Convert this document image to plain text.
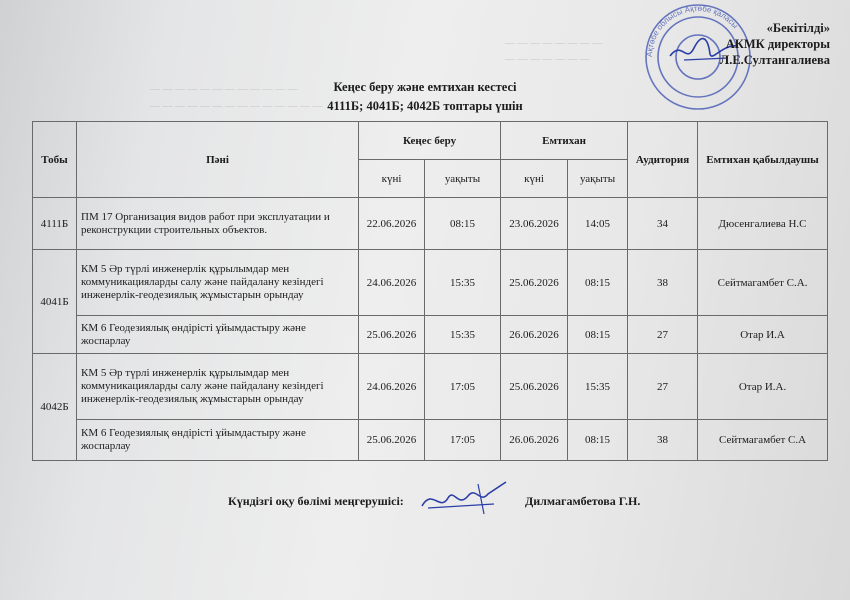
— — — — — — — — — — — —
— — — — — — — — — — — — — —
— — — — — — — —
— — — — — — —	Ақтөбе облысы Ақтөбе қаласы	«Бекітілді»
АКМК директоры
Л.Е.Султангалиева
Кеңес беру және емтихан кестесі
4111Б; 4041Б; 4042Б топтары үшін
Тобы	Пәні	Кеңес беру		Емтихан		Аудитория	Емтихан қабылдаушы
		күні	уақыты	күні	уақыты		
4111Б	ПМ 17 Организация видов работ при эксплуатации и реконструкции строительных объектов.	22.06.2026	08:15	23.06.2026	14:05	34	Дюсенгалиева Н.С
4041Б	КМ 5 Әр түрлі инженерлік құрылымдар мен коммуникацияларды салу және пайдалану кезіндегі инженерлік-геодезиялық жұмыстарын орындау	24.06.2026	15:35	25.06.2026	08:15	38	Сейтмагамбет С.А.
	КМ 6 Геодезиялық өндірісті ұйымдастыру және жоспарлау	25.06.2026	15:35	26.06.2026	08:15	27	Отар И.А
4042Б	КМ 5 Әр түрлі инженерлік құрылымдар мен коммуникацияларды салу және пайдалану кезіндегі инженерлік-геодезиялық жұмыстарын орындау	24.06.2026	17:05	25.06.2026	15:35	27	Отар И.А.
	КМ 6 Геодезиялық өндірісті ұйымдастыру және жоспарлау	25.06.2026	17:05	26.06.2026	08:15	38	Сейтмагамбет С.А
Күндізгі оқу бөлімі меңгерушісі:	Дилмагамбетова Г.Н.
